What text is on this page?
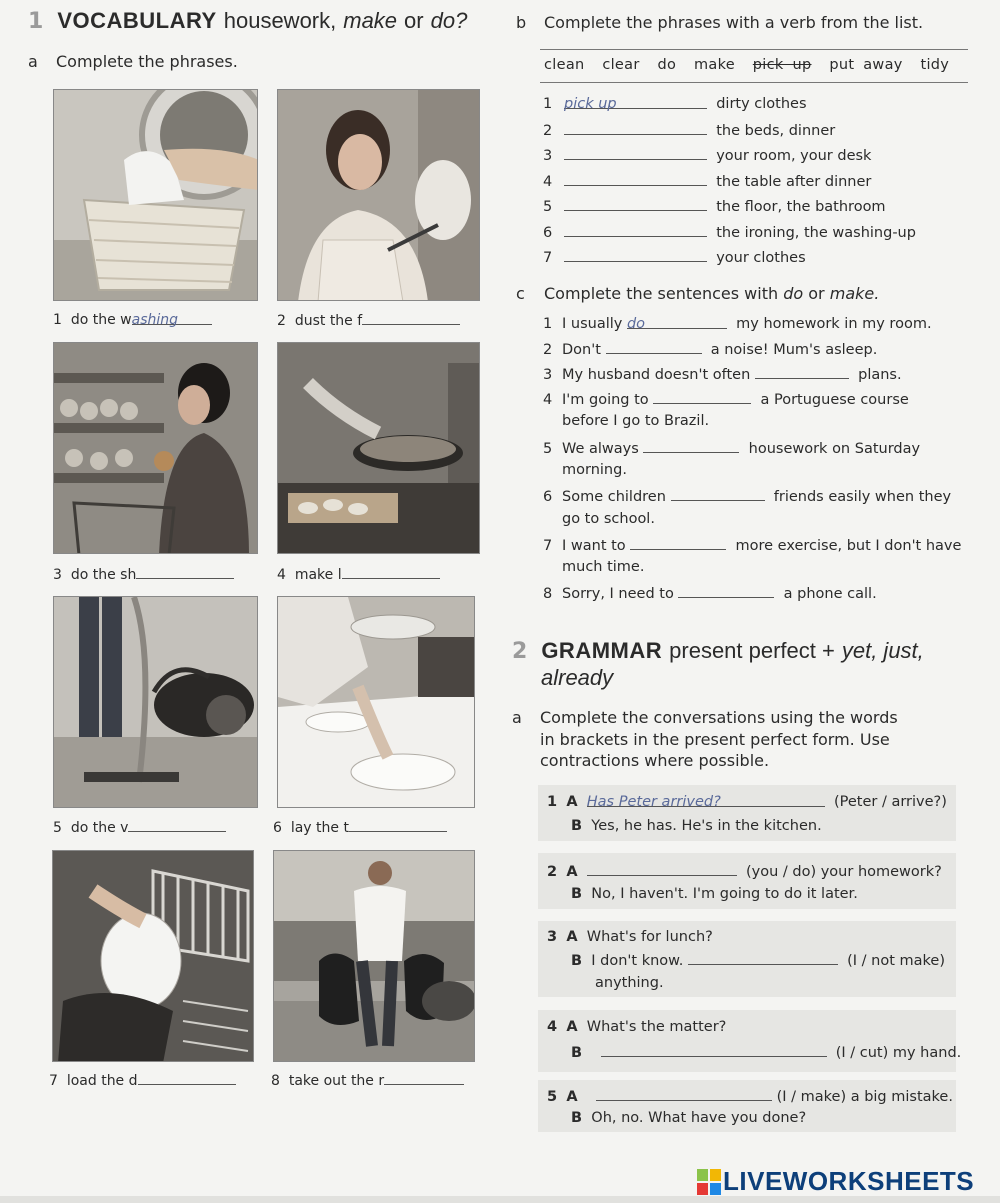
1 VOCABULARY housework, make or do?
a Complete the phrases.
1 do the washing	2 dust the f
3 do the sh	4 make l
5 do the v	6 lay the t
7 load the d	8 take out the r
b Complete the phrases with a verb from the list.
clean clear do make pick up put away tidy
1 pick up	dirty clothes
2	the beds, dinner
3	your room, your desk
4	the table after dinner
5	the floor, the bathroom
6	the ironing, the washing-up
7	your clothes
c Complete the sentences with do or make.
1 I usually do	my homework in my room.
2 Don't	a noise! Mum's asleep.
3 My husband doesn't often	plans.
4 I'm going to	a Portuguese course
before I go to Brazil.
5 We always	housework on Saturday
morning.
6 Some children	friends easily when they
go to school.
7 I want to	more exercise, but I don't have
much time.
8 Sorry, I need to	a phone call.
2 GRAMMAR present perfect + yet, just,
already
a Complete the conversations using the words
in brackets in the present perfect form. Use
contractions where possible.
1 A Has Peter arrived?	(Peter / arrive?)
B Yes, he has. He's in the kitchen.
2 A	(you / do) your homework?
B No, I haven't. I'm going to do it later.
3 A What's for lunch?
B I don't know.	(I / not make)
anything.
4 A What's the matter?
B	(I / cut) my hand.
5 A	(I / make) a big mistake.
B Oh, no. What have you done?
LIVEWORKSHEETS
